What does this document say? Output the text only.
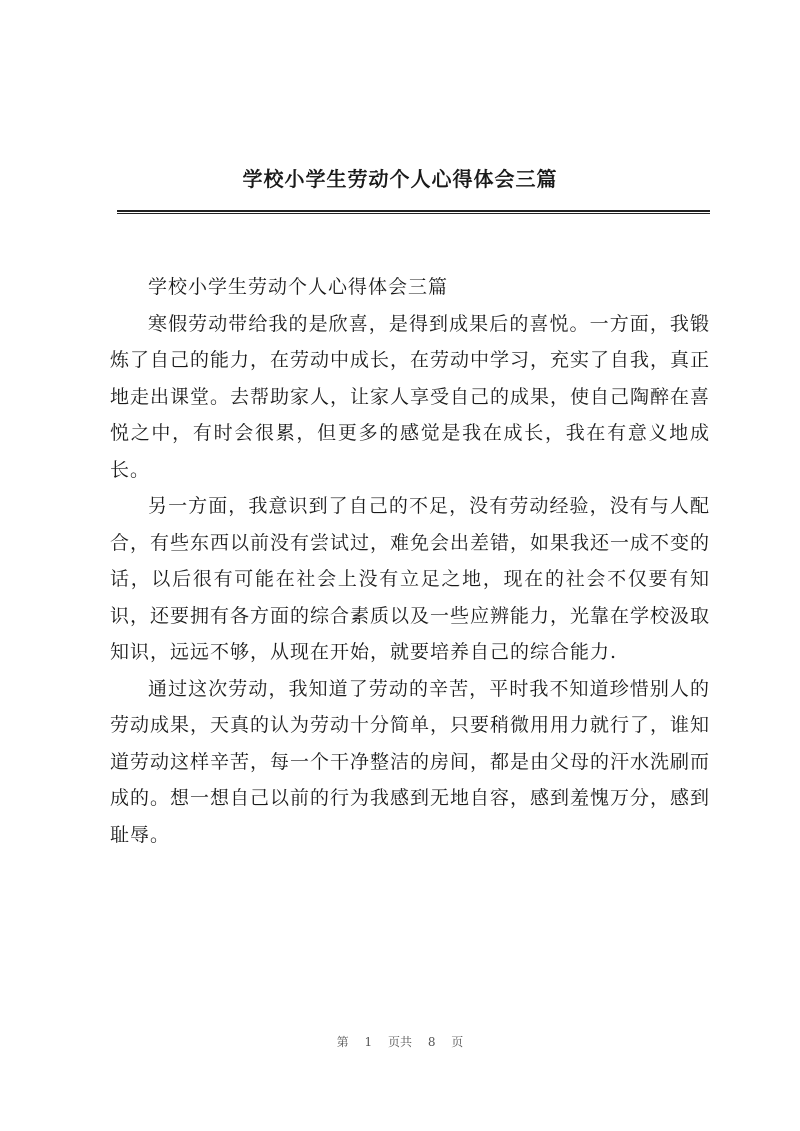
学校小学生劳动个人心得体会三篇

学校小学生劳动个人心得体会三篇

寒假劳动带给我的是欣喜，是得到成果后的喜悦。一方面，我锻炼了自己的能力，在劳动中成长，在劳动中学习，充实了自我，真正地走出课堂。去帮助家人，让家人享受自己的成果，使自己陶醉在喜悦之中，有时会很累，但更多的感觉是我在成长，我在有意义地成长。

另一方面，我意识到了自己的不足，没有劳动经验，没有与人配合，有些东西以前没有尝试过，难免会出差错，如果我还一成不变的话，以后很有可能在社会上没有立足之地，现在的社会不仅要有知识，还要拥有各方面的综合素质以及一些应辨能力，光靠在学校汲取知识，远远不够，从现在开始，就要培养自己的综合能力.

通过这次劳动，我知道了劳动的辛苦，平时我不知道珍惜别人的劳动成果，天真的认为劳动十分简单，只要稍微用用力就行了，谁知道劳动这样辛苦，每一个干净整洁的房间，都是由父母的汗水洗刷而成的。想一想自己以前的行为我感到无地自容，感到羞愧万分，感到耻辱。

第 1 页共 8 页
